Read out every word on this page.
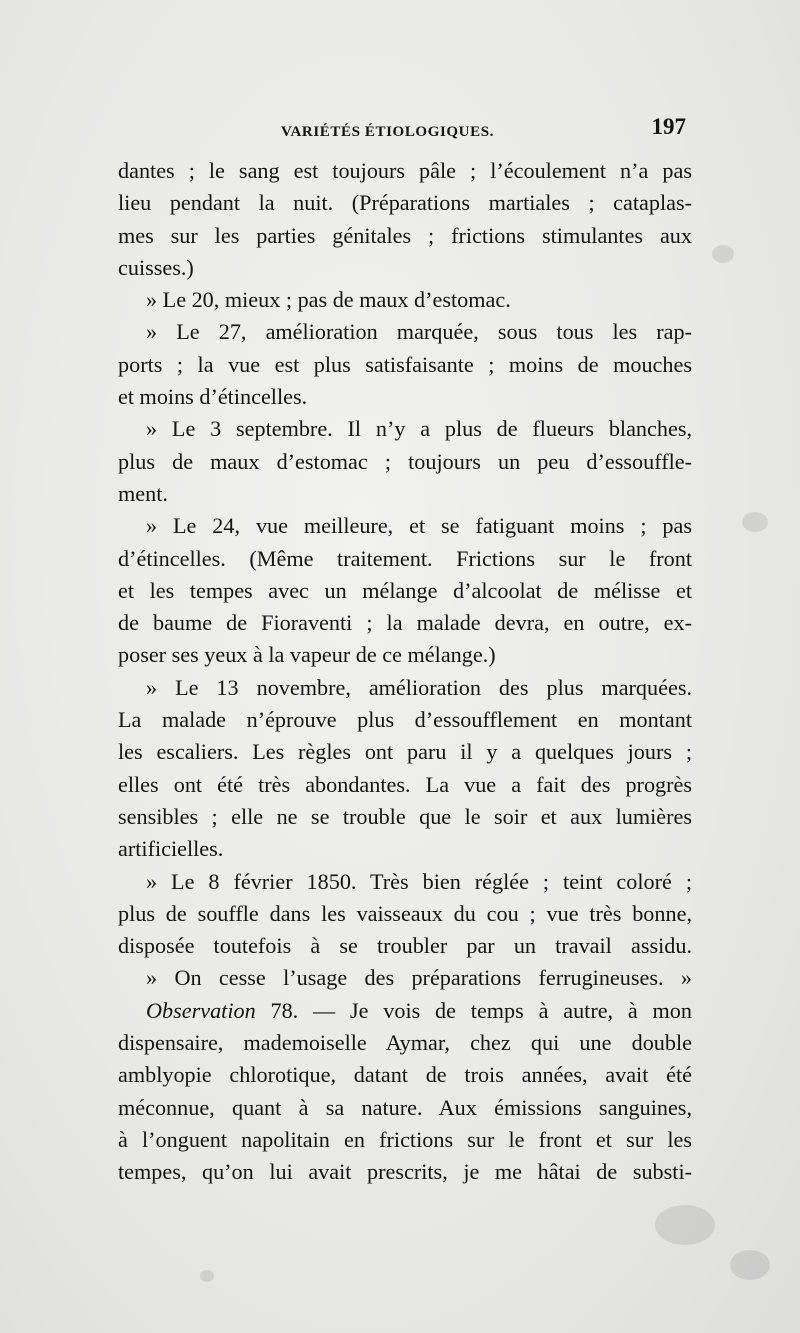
VARIÉTÉS ÉTIOLOGIQUES.	197
dantes ; le sang est toujours pâle ; l’écoulement n’a pas
lieu pendant la nuit. (Préparations martiales ; cataplas-
mes sur les parties génitales ; frictions stimulantes aux
cuisses.)
» Le 20, mieux ; pas de maux d’estomac.
» Le 27, amélioration marquée, sous tous les rap-
ports ; la vue est plus satisfaisante ; moins de mouches
et moins d’étincelles.
» Le 3 septembre. Il n’y a plus de flueurs blanches,
plus de maux d’estomac ; toujours un peu d’essouffle-
ment.
» Le 24, vue meilleure, et se fatiguant moins ; pas
d’étincelles. (Même traitement. Frictions sur le front
et les tempes avec un mélange d’alcoolat de mélisse et
de baume de Fioraventi ; la malade devra, en outre, ex-
poser ses yeux à la vapeur de ce mélange.)
» Le 13 novembre, amélioration des plus marquées.
La malade n’éprouve plus d’essoufflement en montant
les escaliers. Les règles ont paru il y a quelques jours ;
elles ont été très abondantes. La vue a fait des progrès
sensibles ; elle ne se trouble que le soir et aux lumières
artificielles.
» Le 8 février 1850. Très bien réglée ; teint coloré ;
plus de souffle dans les vaisseaux du cou ; vue très bonne,
disposée toutefois à se troubler par un travail assidu.
» On cesse l’usage des préparations ferrugineuses. »
Observation 78. — Je vois de temps à autre, à mon
dispensaire, mademoiselle Aymar, chez qui une double
amblyopie chlorotique, datant de trois années, avait été
méconnue, quant à sa nature. Aux émissions sanguines,
à l’onguent napolitain en frictions sur le front et sur les
tempes, qu’on lui avait prescrits, je me hâtai de substi-
